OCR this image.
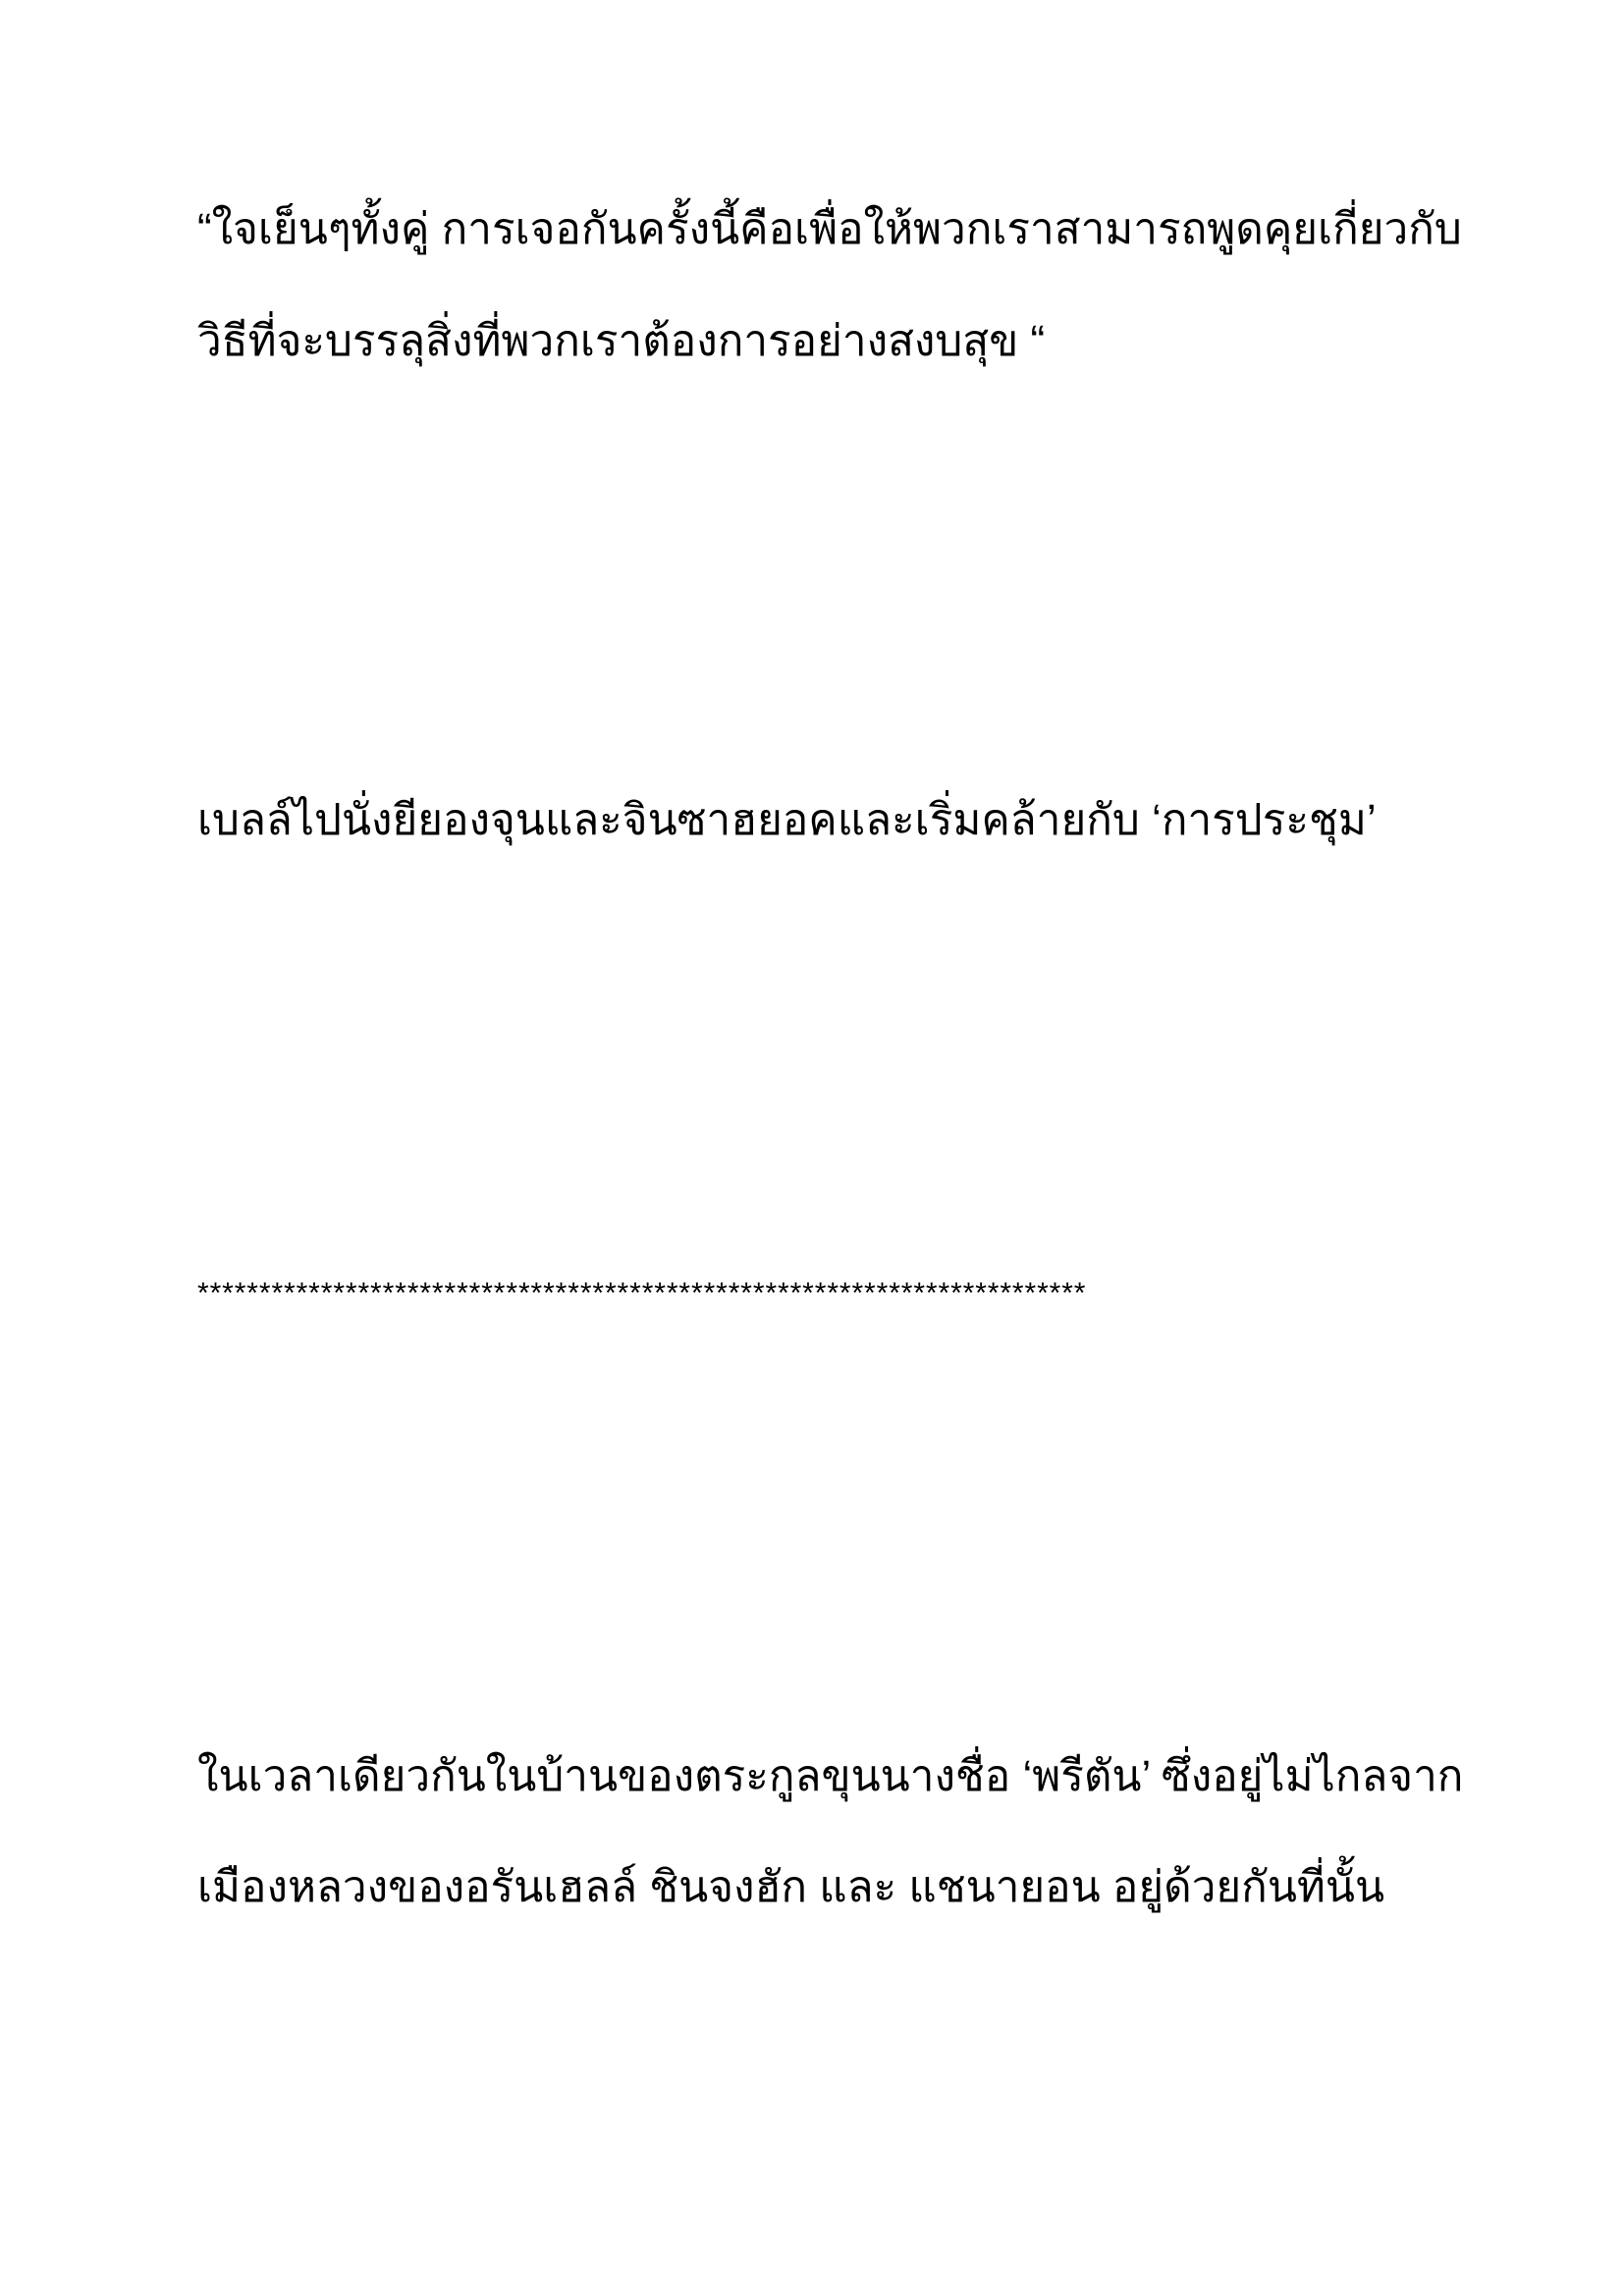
“ใจเย็นๆทั้งคู่ การเจอกันครั้งนี้คือเพื่อให้พวกเราสามารถพูดคุยเกี่ยวกับ

วิธีที่จะบรรลุสิ่งที่พวกเราต้องการอย่างสงบสุข “

เบลล์ไปนั่งยียองจุนและจินซาฮยอคและเริ่มคล้ายกับ ‘การประชุม’

************************************************************************

ในเวลาเดียวกันในบ้านของตระกูลขุนนางชื่อ ‘พรีตัน’ ซึ่งอยู่ไม่ไกลจาก

เมืองหลวงของอรันเฮลล์ ชินจงฮัก และ แชนายอน อยู่ด้วยกันที่นั้น
